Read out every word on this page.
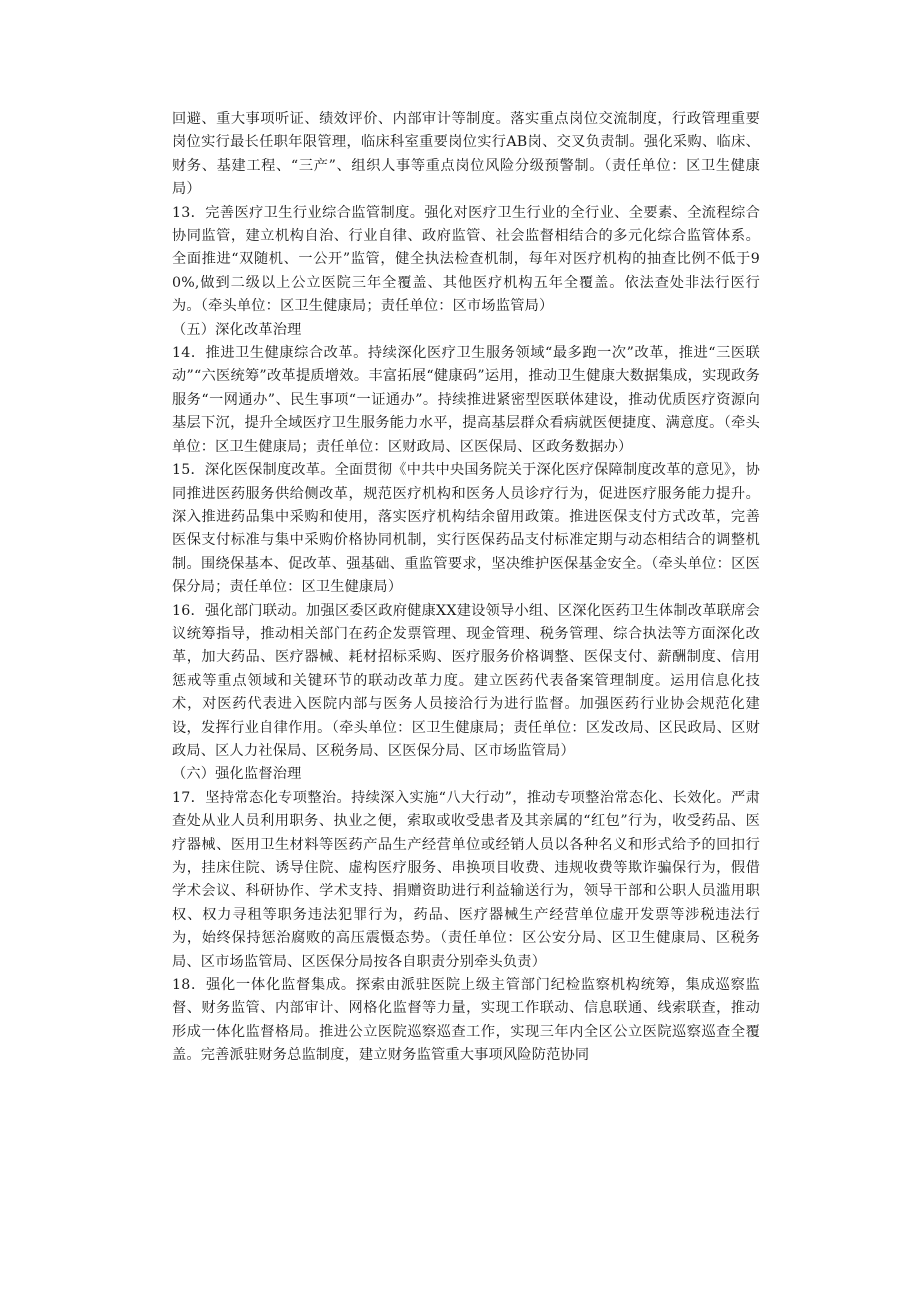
回避、重大事项听证、绩效评价、内部审计等制度。落实重点岗位交流制度，行政管理重要岗位实行最长任职年限管理，临床科室重要岗位实行AB岗、交叉负责制。强化采购、临床、财务、基建工程、“三产”、组织人事等重点岗位风险分级预警制。（责任单位：区卫生健康局）

13．完善医疗卫生行业综合监管制度。强化对医疗卫生行业的全行业、全要素、全流程综合协同监管，建立机构自治、行业自律、政府监管、社会监督相结合的多元化综合监管体系。全面推进“双随机、一公开”监管，健全执法检查机制，每年对医疗机构的抽查比例不低于90%,做到二级以上公立医院三年全覆盖、其他医疗机构五年全覆盖。依法查处非法行医行为。（牵头单位：区卫生健康局；责任单位：区市场监管局）

（五）深化改革治理

14．推进卫生健康综合改革。持续深化医疗卫生服务领域“最多跑一次”改革，推进“三医联动”“六医统筹”改革提质增效。丰富拓展“健康码”运用，推动卫生健康大数据集成，实现政务服务“一网通办”、民生事项“一证通办”。持续推进紧密型医联体建设，推动优质医疗资源向基层下沉，提升全域医疗卫生服务能力水平，提高基层群众看病就医便捷度、满意度。（牵头单位：区卫生健康局；责任单位：区财政局、区医保局、区政务数据办）

15．深化医保制度改革。全面贯彻《中共中央国务院关于深化医疗保障制度改革的意见》，协同推进医药服务供给侧改革，规范医疗机构和医务人员诊疗行为，促进医疗服务能力提升。深入推进药品集中采购和使用，落实医疗机构结余留用政策。推进医保支付方式改革，完善医保支付标准与集中采购价格协同机制，实行医保药品支付标准定期与动态相结合的调整机制。围绕保基本、促改革、强基础、重监管要求，坚决维护医保基金安全。（牵头单位：区医保分局；责任单位：区卫生健康局）

16．强化部门联动。加强区委区政府健康XX建设领导小组、区深化医药卫生体制改革联席会议统筹指导，推动相关部门在药企发票管理、现金管理、税务管理、综合执法等方面深化改革，加大药品、医疗器械、耗材招标采购、医疗服务价格调整、医保支付、薪酬制度、信用惩戒等重点领域和关键环节的联动改革力度。建立医药代表备案管理制度。运用信息化技术，对医药代表进入医院内部与医务人员接洽行为进行监督。加强医药行业协会规范化建设，发挥行业自律作用。（牵头单位：区卫生健康局；责任单位：区发改局、区民政局、区财政局、区人力社保局、区税务局、区医保分局、区市场监管局）

（六）强化监督治理

17．坚持常态化专项整治。持续深入实施“八大行动”，推动专项整治常态化、长效化。严肃查处从业人员利用职务、执业之便，索取或收受患者及其亲属的“红包”行为，收受药品、医疗器械、医用卫生材料等医药产品生产经营单位或经销人员以各种名义和形式给予的回扣行为，挂床住院、诱导住院、虚构医疗服务、串换项目收费、违规收费等欺诈骗保行为，假借学术会议、科研协作、学术支持、捐赠资助进行利益输送行为，领导干部和公职人员滥用职权、权力寻租等职务违法犯罪行为，药品、医疗器械生产经营单位虚开发票等涉税违法行为，始终保持惩治腐败的高压震慑态势。（责任单位：区公安分局、区卫生健康局、区税务局、区市场监管局、区医保分局按各自职责分别牵头负责）

18．强化一体化监督集成。探索由派驻医院上级主管部门纪检监察机构统筹，集成巡察监督、财务监管、内部审计、网格化监督等力量，实现工作联动、信息联通、线索联查，推动形成一体化监督格局。推进公立医院巡察巡查工作，实现三年内全区公立医院巡察巡查全覆盖。完善派驻财务总监制度，建立财务监管重大事项风险防范协同
